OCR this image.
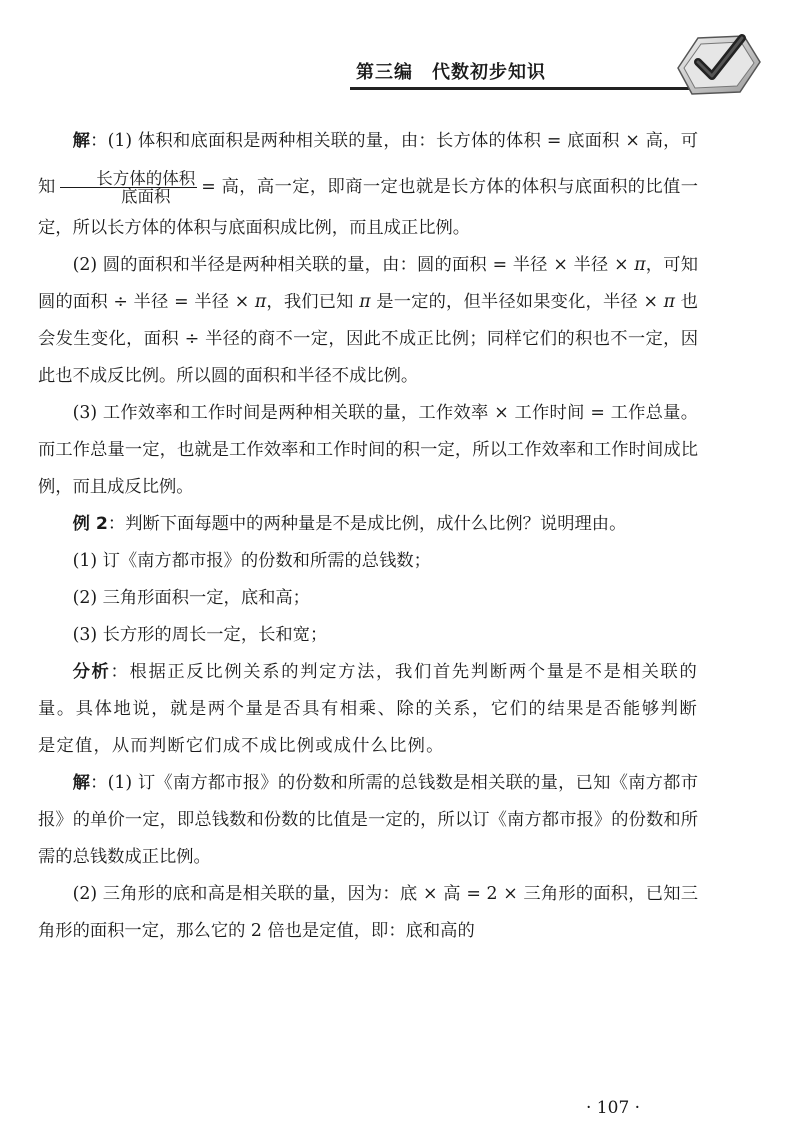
第三编　代数初步知识

解：(1) 体积和底面积是两种相关联的量，由：长方体的体积 = 底面积 × 高，可知 $\frac{\text{长方体的体积}}{\text{底面积}}$ = 高，高一定，即商一定也就是长方体的体积与底面积的比值一定，所以长方体的体积与底面积成比例，而且成正比例。

(2) 圆的面积和半径是两种相关联的量，由：圆的面积 = 半径 × 半径 × π，可知圆的面积 ÷ 半径 = 半径 × π，我们已知 π 是一定的，但半径如果变化，半径 × π 也会发生变化，面积 ÷ 半径的商不一定，因此不成正比例；同样它们的积也不一定，因此也不成反比例。所以圆的面积和半径不成比例。

(3) 工作效率和工作时间是两种相关联的量，工作效率 × 工作时间 = 工作总量。而工作总量一定，也就是工作效率和工作时间的积一定，所以工作效率和工作时间成比例，而且成反比例。

例 2：判断下面每题中的两种量是不是成比例，成什么比例？说明理由。

(1) 订《南方都市报》的份数和所需的总钱数；

(2) 三角形面积一定，底和高；

(3) 长方形的周长一定，长和宽；

分析：根据正反比例关系的判定方法，我们首先判断两个量是不是相关联的量。具体地说，就是两个量是否具有相乘、除的关系，它们的结果是否能够判断是定值，从而判断它们成不成比例或成什么比例。

解：(1) 订《南方都市报》的份数和所需的总钱数是相关联的量，已知《南方都市报》的单价一定，即总钱数和份数的比值是一定的，所以订《南方都市报》的份数和所需的总钱数成正比例。

(2) 三角形的底和高是相关联的量，因为：底 × 高 = 2 × 三角形的面积，已知三角形的面积一定，那么它的 2 倍也是定值，即：底和高的

· 107 ·
